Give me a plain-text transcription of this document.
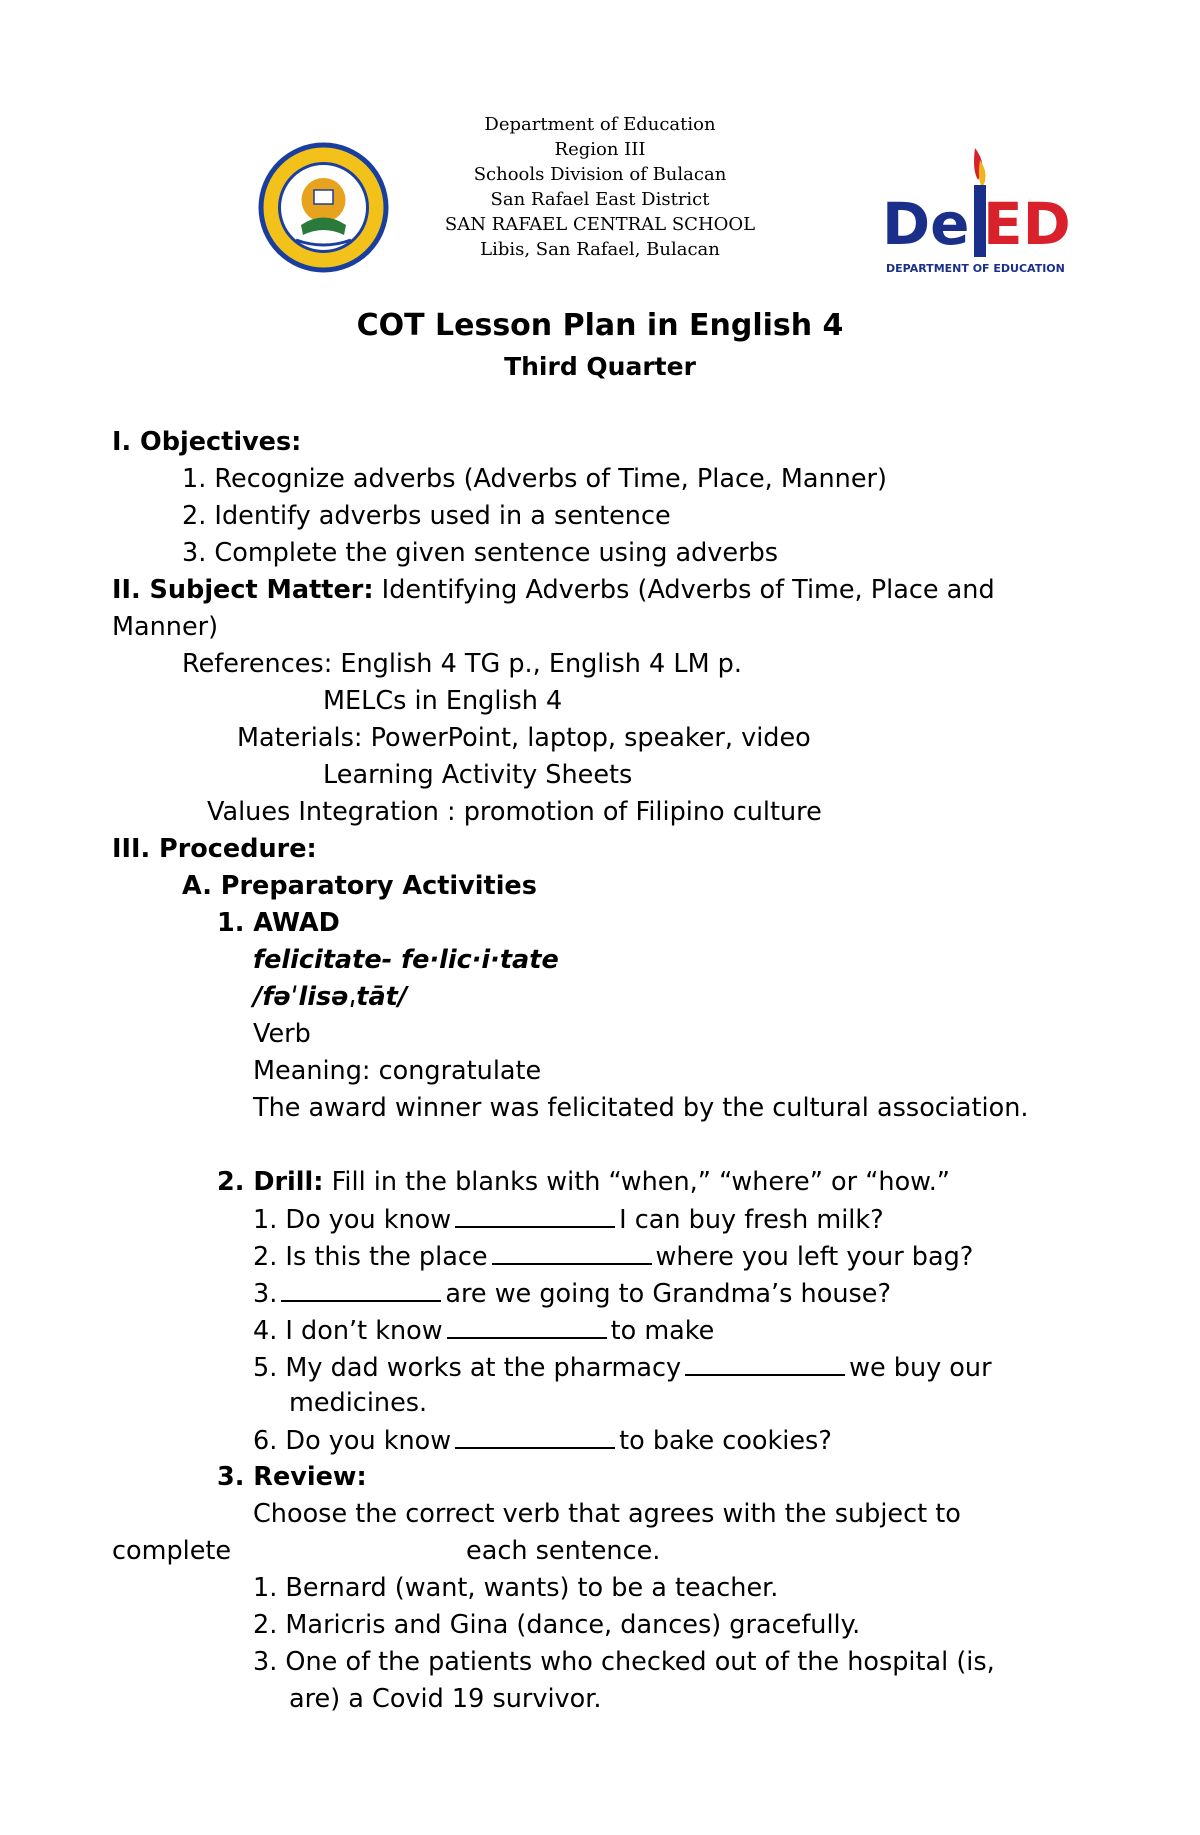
Department of Education
Region III
Schools Division of Bulacan
San Rafael East District
SAN RAFAEL CENTRAL SCHOOL
Libis, San Rafael, Bulacan	De ED
DEPARTMENT OF EDUCATION
COT Lesson Plan in English 4
Third Quarter
I. Objectives:
1. Recognize adverbs (Adverbs of Time, Place, Manner)
2. Identify adverbs used in a sentence
3. Complete the given sentence using adverbs
II. Subject Matter: Identifying Adverbs (Adverbs of Time, Place and
Manner)
References: English 4 TG p., English 4 LM p.
MELCs in English 4
Materials: PowerPoint, laptop, speaker, video
Learning Activity Sheets
Values Integration : promotion of Filipino culture
III. Procedure:
A. Preparatory Activities
1. AWAD
felicitate- fe·lic·i·tate
/fəˈlisəˌtāt/
Verb
Meaning: congratulate
The award winner was felicitated by the cultural association.
2. Drill: Fill in the blanks with “when,” “where” or “how.”
1. Do you know	I can buy fresh milk?
2. Is this the place	where you left your bag?
3.	are we going to Grandma’s house?
4. I don’t know	to make
5. My dad works at the pharmacy	we buy our
medicines.
6. Do you know	to bake cookies?
3. Review:
Choose the correct verb that agrees with the subject to
complete	each sentence.
1. Bernard (want, wants) to be a teacher.
2. Maricris and Gina (dance, dances) gracefully.
3. One of the patients who checked out of the hospital (is,
are) a Covid 19 survivor.
